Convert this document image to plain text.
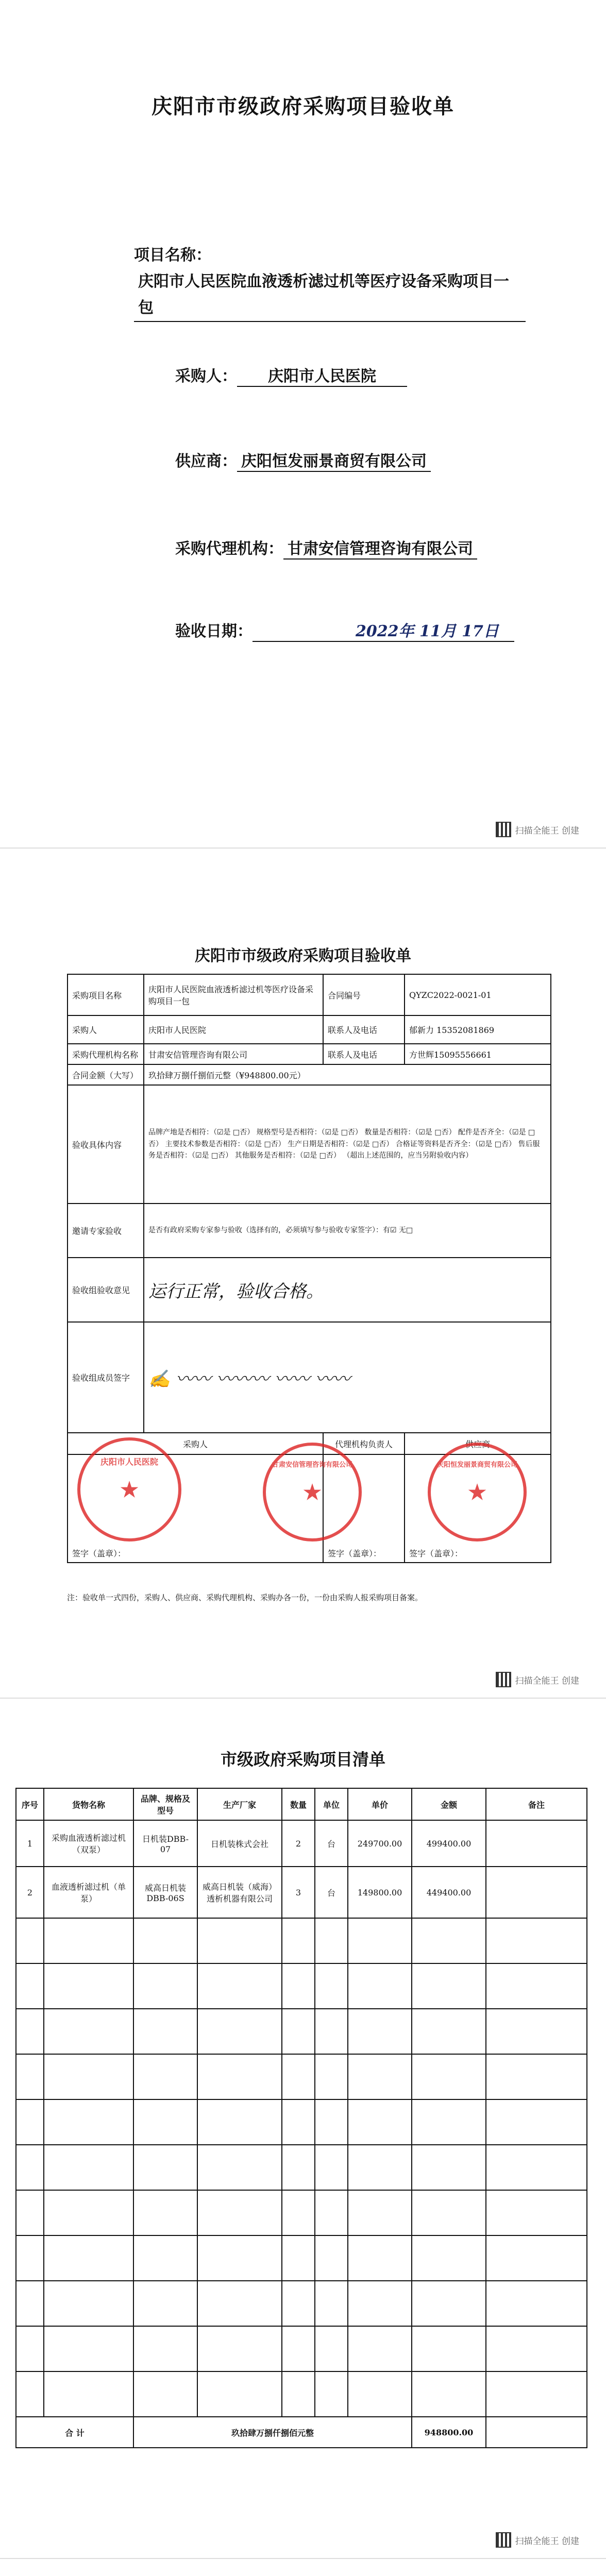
庆阳市市级政府采购项目验收单
项目名称：庆阳市人民医院血液透析滤过机等医疗设备采购项目一包
采购人： 庆阳市人民医院
供应商： 庆阳恒发丽景商贸有限公司
采购代理机构： 甘肃安信管理咨询有限公司
验收日期：	2022年 11月 17日
扫描全能王 创建
庆阳市市级政府采购项目验收单
采购项目名称	庆阳市人民医院血液透析滤过机等医疗设备采购项目一包	合同编号	QYZC2022-0021-01
采购人	庆阳市人民医院	联系人及电话	郁新力 15352081869
采购代理机构名称	甘肃安信管理咨询有限公司	联系人及电话	方世辉15095556661
合同金额（大写）	玖拾肆万捌仟捌佰元整（¥948800.00元）		
验收具体内容	品牌产地是否相符：（☑是 □否） 规格型号是否相符：（☑是 □否） 数量是否相符：（☑是 □否） 配件是否齐全：（☑是 □否） 主要技术参数是否相符：（☑是 □否） 生产日期是否相符：（☑是 □否） 合格证等资料是否齐全：（☑是 □否） 售后服务是否相符：（☑是 □否） 其他服务是否相符：（☑是 □否） （超出上述范围的，应当另附验收内容）		
邀请专家验收	是否有政府采购专家参与验收（选择有的，必须填写参与验收专家签字）：有☑ 无□		
验收组验收意见	运行正常，验收合格。		
验收组成员签字	✍ 〰〰 〰〰〰 〰〰 〰〰		
采购人		代理机构负责人	供应商
签字（盖章）：		签字（盖章）：	签字（盖章）：
★
庆阳市人民医院
★
甘肃安信管理咨询有限公司
★
庆阳恒发丽景商贸有限公司
注：验收单一式四份，采购人、供应商、采购代理机构、采购办各一份，一份由采购人报采购项目备案。
扫描全能王 创建
市级政府采购项目清单
序号	货物名称	品牌、规格及型号	生产厂家	数量	单位	单价	金额	备注
1	采购血液透析滤过机（双泵）	日机装DBB-07	日机装株式会社	2	台	249700.00	499400.00	
2	血液透析滤过机（单泵）	威高日机装DBB-06S	威高日机装（威海）透析机器有限公司	3	台	149800.00	449400.00	

合 计		玖拾肆万捌仟捌佰元整					948800.00	
扫描全能王 创建
